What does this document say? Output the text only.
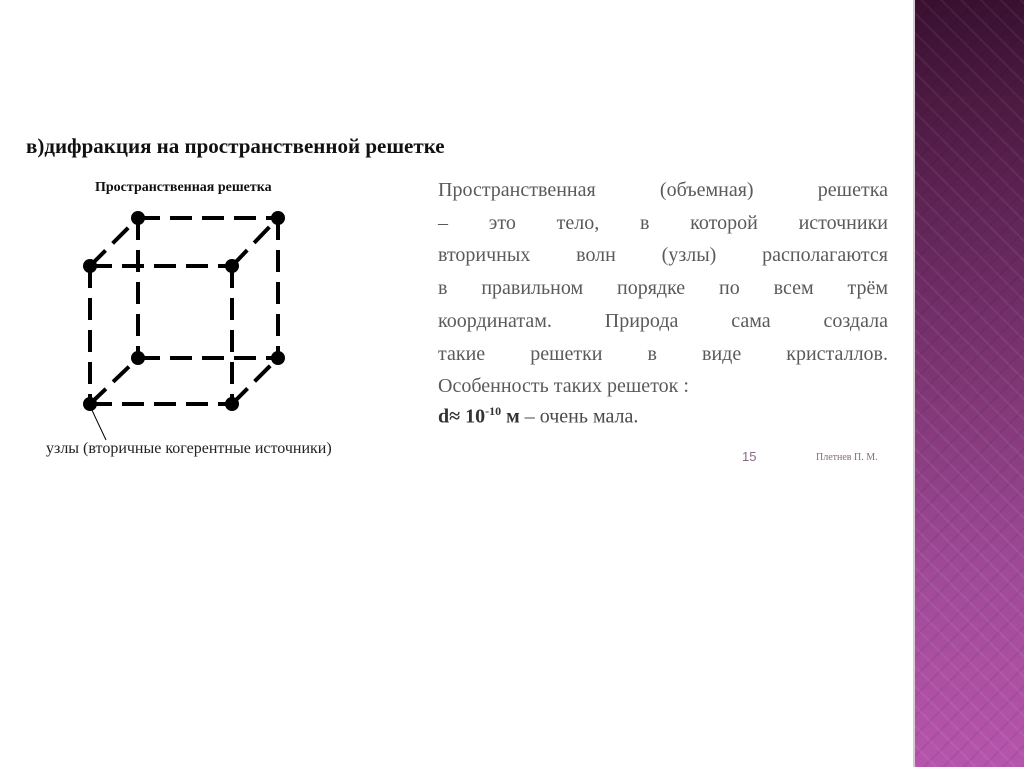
в)дифракция на пространственной решетке
Пространственная решетка
узлы (вторичные когерентные источники)
Пространственная (объемная) решетка
– это тело, в которой источники
вторичных волн (узлы) располагаются
в правильном порядке по всем трём
координатам. Природа сама создала
такие решетки в виде кристаллов.
Особенность таких решеток :
$d\approx 10^{-10}$ м – очень мала.
15	Плетнев П. М.
